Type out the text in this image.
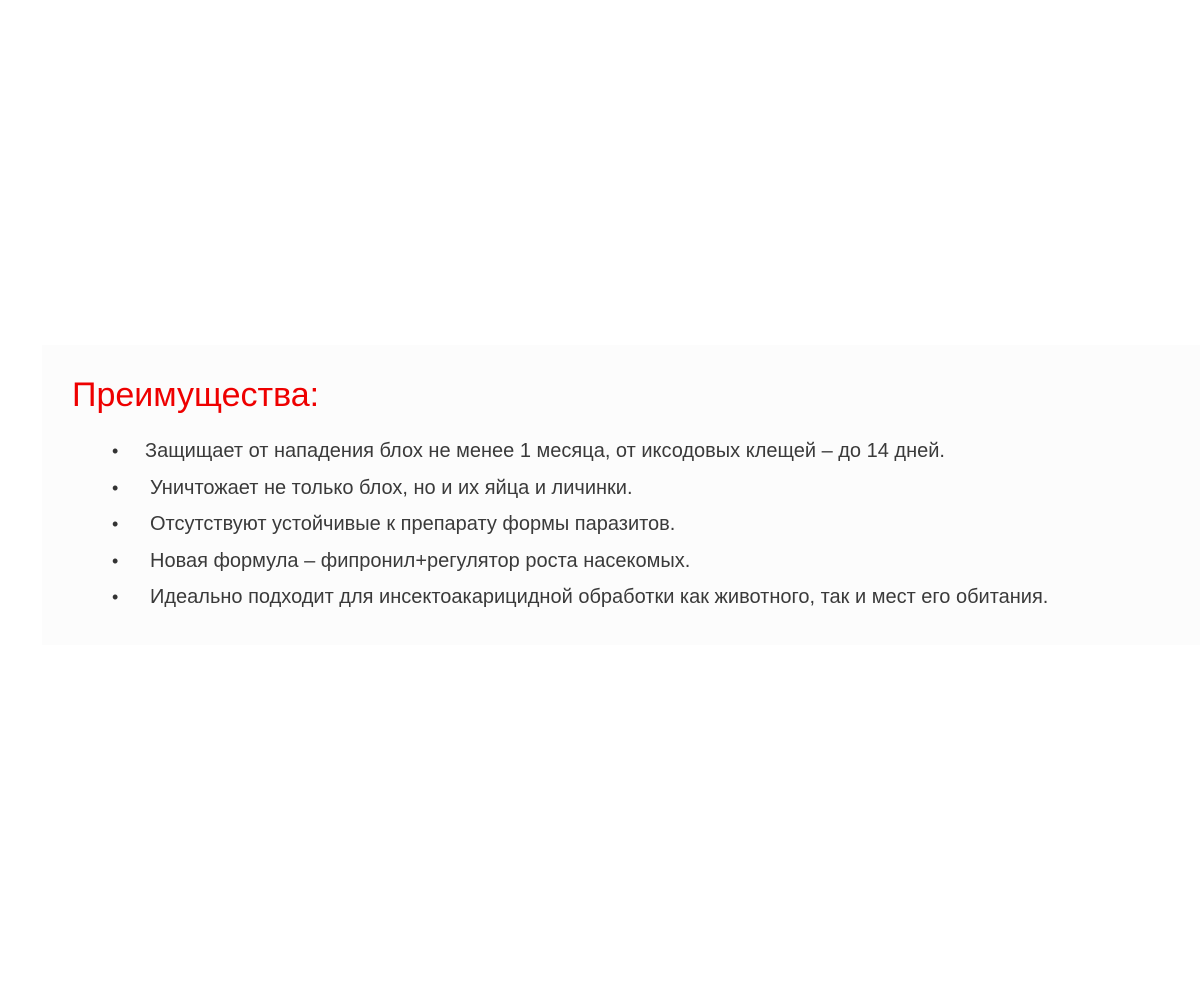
Преимущества:
• Защищает от нападения блох не менее 1 месяца, от иксодовых клещей – до 14 дней.
• Уничтожает не только блох, но и их яйца и личинки.
• Отсутствуют устойчивые к препарату формы паразитов.
• Новая формула – фипронил+регулятор роста насекомых.
• Идеально подходит для инсектоакарицидной обработки как животного, так и мест его обитания.
